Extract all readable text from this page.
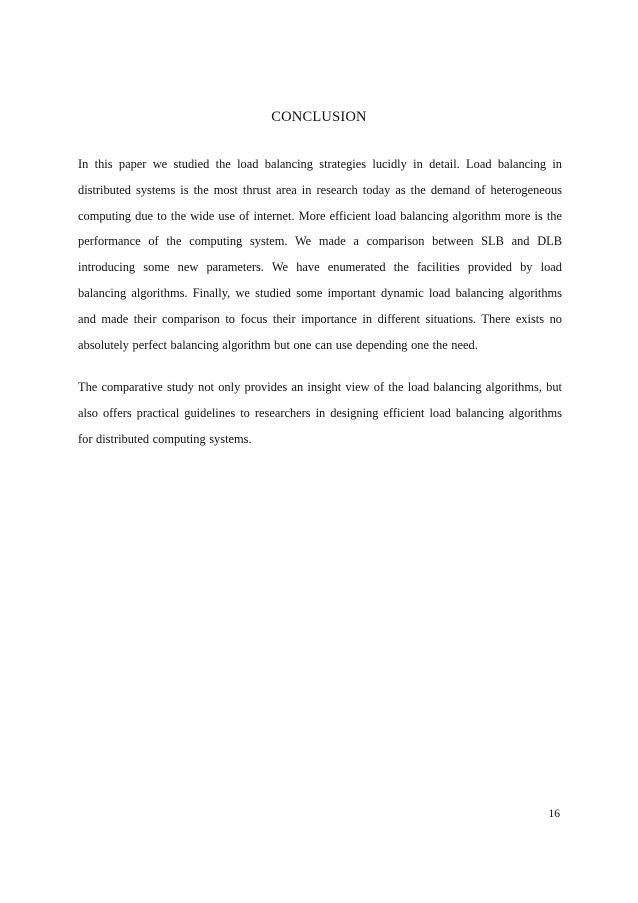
CONCLUSION

In this paper we studied the load balancing strategies lucidly in detail. Load balancing in distributed systems is the most thrust area in research today as the demand of heterogeneous computing due to the wide use of internet. More efficient load balancing algorithm more is the performance of the computing system. We made a comparison between SLB and DLB introducing some new parameters. We have enumerated the facilities provided by load balancing algorithms. Finally, we studied some important dynamic load balancing algorithms and made their comparison to focus their importance in different situations. There exists no absolutely perfect balancing algorithm but one can use depending one the need.

The comparative study not only provides an insight view of the load balancing algorithms, but also offers practical guidelines to researchers in designing efficient load balancing algorithms for distributed computing systems.

16
